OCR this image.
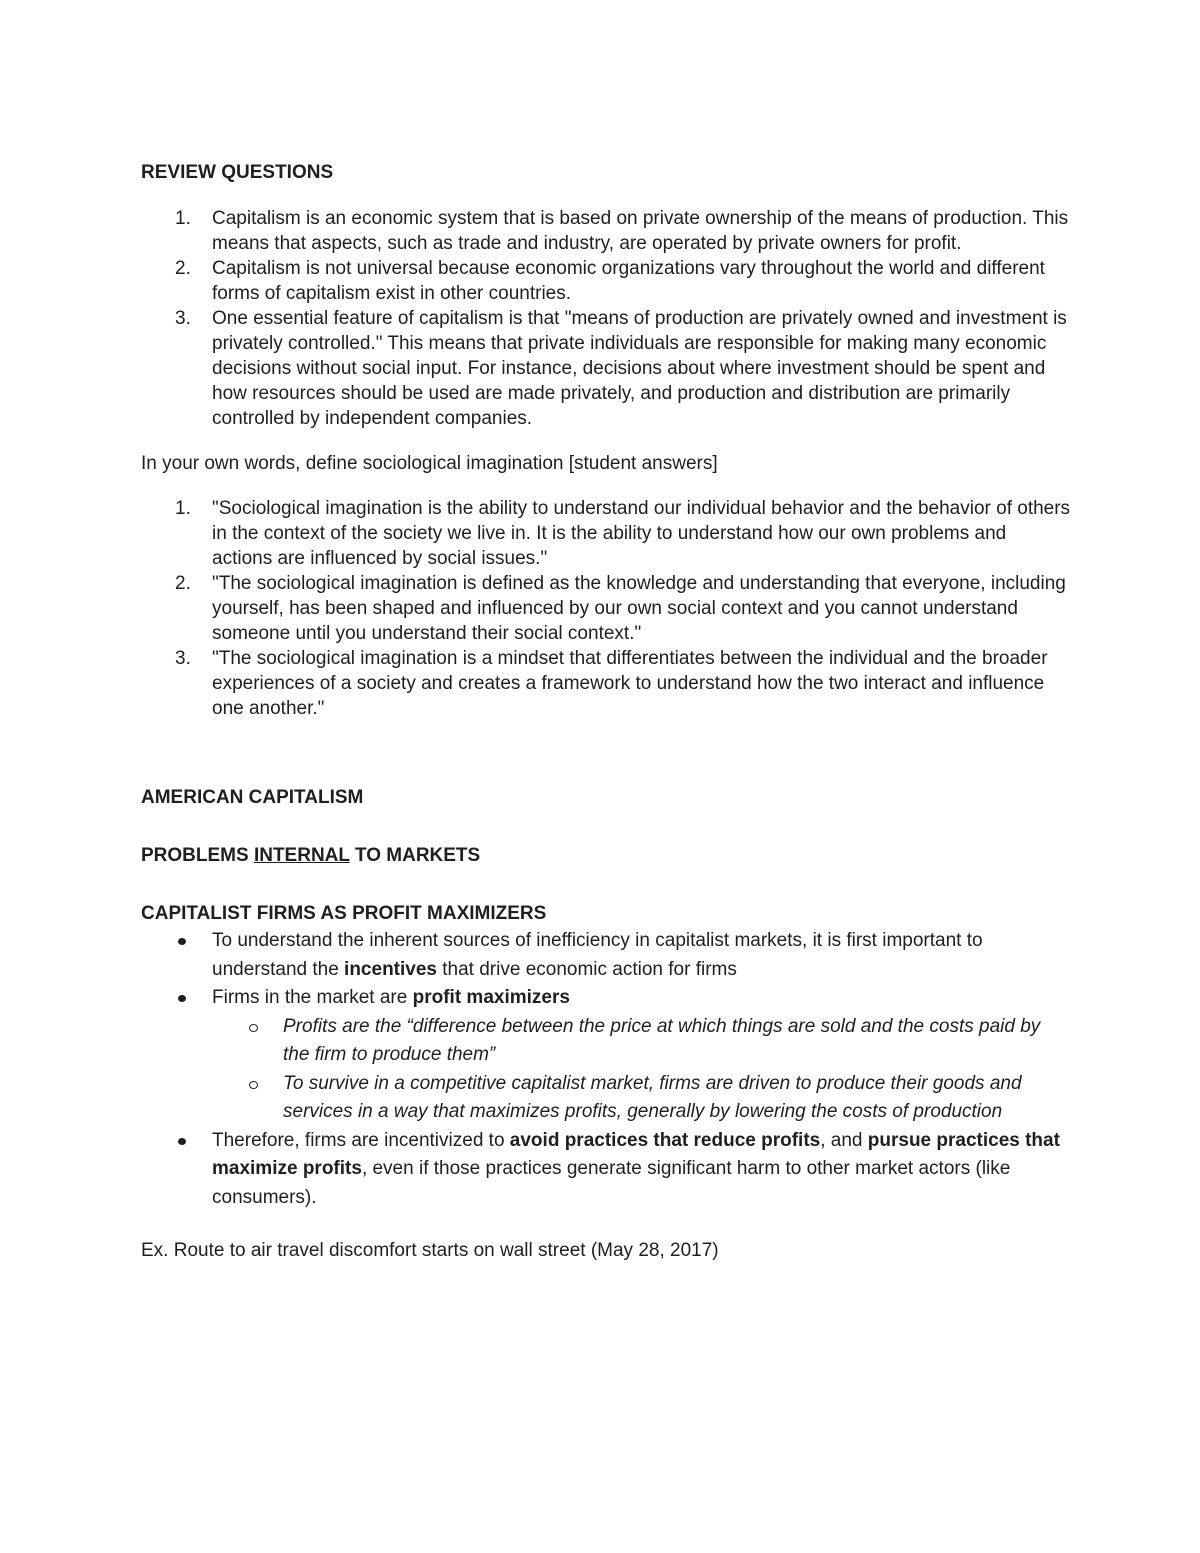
REVIEW QUESTIONS

1. Capitalism is an economic system that is based on private ownership of the means of production. This means that aspects, such as trade and industry, are operated by private owners for profit.
2. Capitalism is not universal because economic organizations vary throughout the world and different forms of capitalism exist in other countries.
3. One essential feature of capitalism is that "means of production are privately owned and investment is privately controlled." This means that private individuals are responsible for making many economic decisions without social input. For instance, decisions about where investment should be spent and how resources should be used are made privately, and production and distribution are primarily controlled by independent companies.

In your own words, define sociological imagination [student answers]

1. "Sociological imagination is the ability to understand our individual behavior and the behavior of others in the context of the society we live in. It is the ability to understand how our own problems and actions are influenced by social issues."
2. "The sociological imagination is defined as the knowledge and understanding that everyone, including yourself, has been shaped and influenced by our own social context and you cannot understand someone until you understand their social context."
3. "The sociological imagination is a mindset that differentiates between the individual and the broader experiences of a society and creates a framework to understand how the two interact and influence one another."

AMERICAN CAPITALISM

PROBLEMS INTERNAL TO MARKETS

CAPITALIST FIRMS AS PROFIT MAXIMIZERS

To understand the inherent sources of inefficiency in capitalist markets, it is first important to understand the incentives that drive economic action for firms
Firms in the market are profit maximizers
Profits are the “difference between the price at which things are sold and the costs paid by the firm to produce them”
To survive in a competitive capitalist market, firms are driven to produce their goods and services in a way that maximizes profits, generally by lowering the costs of production
Therefore, firms are incentivized to avoid practices that reduce profits, and pursue practices that maximize profits, even if those practices generate significant harm to other market actors (like consumers).

Ex. Route to air travel discomfort starts on wall street (May 28, 2017)
